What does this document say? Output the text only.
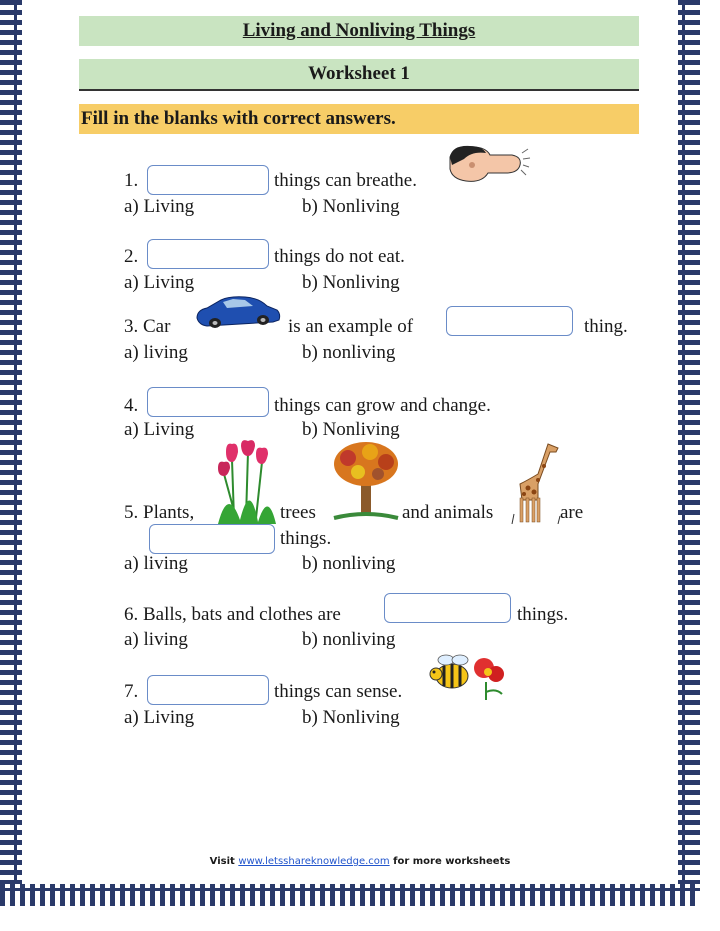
Living and Nonliving Things
Worksheet 1
Fill in the blanks with correct answers.
1.	things can breathe.
a) Living	b) Nonliving
2.	things do not eat.
a) Living	b) Nonliving
3. Car	is an example of	thing.
a) living	b) nonliving
4.	things can grow and change.
a) Living	b) Nonliving
5. Plants,	trees	and animals	are
things.
a) living	b) nonliving
6. Balls, bats and clothes are	things.
a) living	b) nonliving
7.	things can sense.
a) Living	b) Nonliving
Visit www.letsshareknowledge.com for more worksheets
